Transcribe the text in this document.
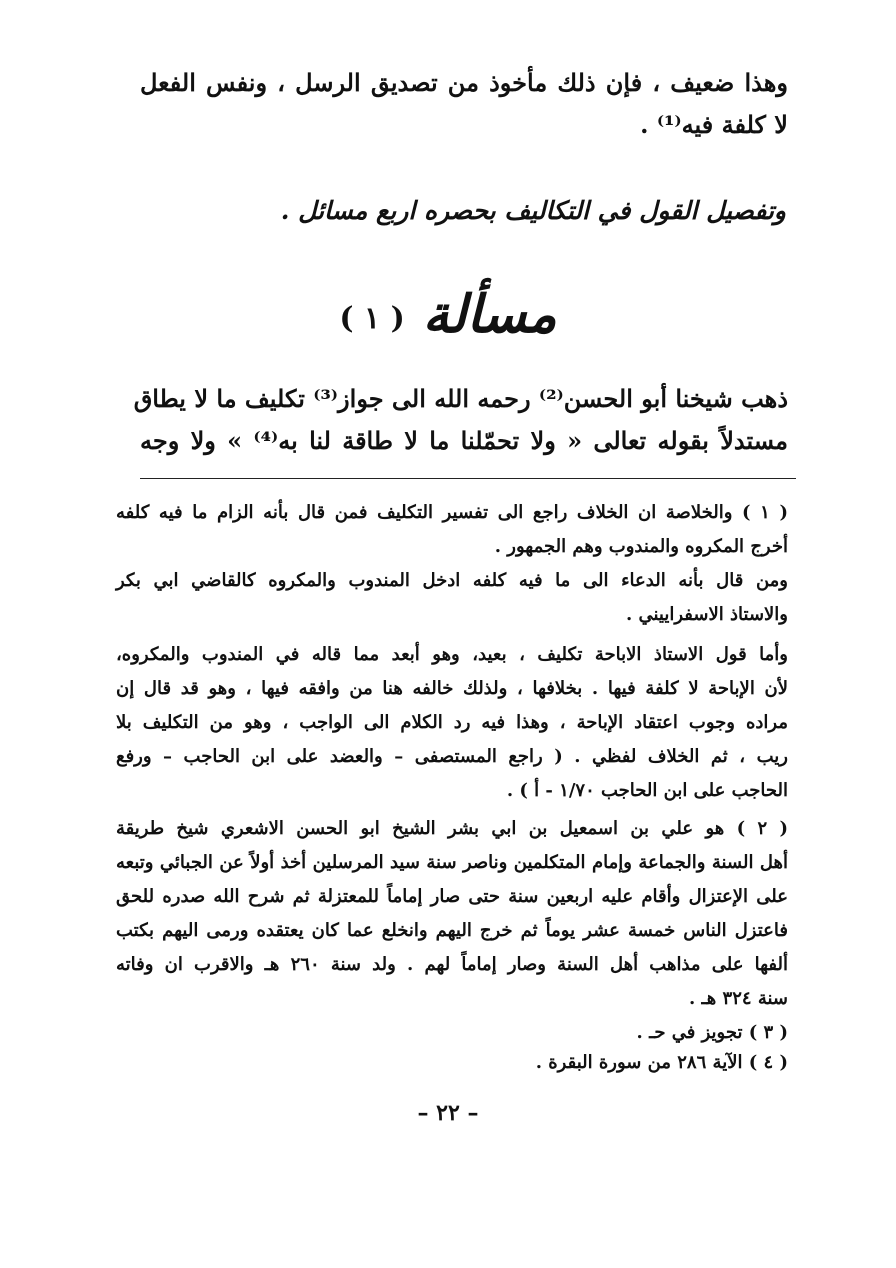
وهذا ضعيف ، فإن ذلك مأخوذ من تصديق الرسل ، ونفس الفعل
لا كلفة فيه⁽¹⁾ .
وتفصيل القول في التكاليف بحصره اربع مسائل .
مسألة( ١ )
ذهب شيخنا أبو الحسن⁽²⁾ رحمه الله الى جواز⁽³⁾ تكليف ما لا يطاق
مستدلاً بقوله تعالى « ولا تحمّلنا ما لا طاقة لنا به⁽⁴⁾ » ولا وجه
( ١ ) والخلاصة ان الخلاف راجع الى تفسير التكليف فمن قال بأنه الزام ما فيه كلفه
أخرج المكروه والمندوب وهم الجمهور .
ومن قال بأنه الدعاء الى ما فيه كلفه ادخل المندوب والمكروه كالقاضي ابي بكر
والاستاذ الاسفراييني .
وأما قول الاستاذ الاباحة تكليف ، بعيد، وهو أبعد مما قاله في المندوب والمكروه،
لأن الإباحة لا كلفة فيها . بخلافها ، ولذلك خالفه هنا من وافقه فيها ، وهو قد قال إن
مراده وجوب اعتقاد الإباحة ، وهذا فيه رد الكلام الى الواجب ، وهو من التكليف بلا
ريب ، ثم الخلاف لفظي . ( راجع المستصفى – والعضد على ابن الحاجب – ورفع
الحاجب على ابن الحاجب ١/٧٠ - أ ) .
( ٢ ) هو علي بن اسمعيل بن ابي بشر الشيخ ابو الحسن الاشعري شيخ طريقة
أهل السنة والجماعة وإمام المتكلمين وناصر سنة سيد المرسلين أخذ أولاً عن الجبائي وتبعه
على الإعتزال وأقام عليه اربعين سنة حتى صار إماماً للمعتزلة ثم شرح الله صدره للحق
فاعتزل الناس خمسة عشر يوماً ثم خرج اليهم وانخلع عما كان يعتقده ورمى اليهم بكتب
ألفها على مذاهب أهل السنة وصار إماماً لهم . ولد سنة ٢٦٠ هـ والاقرب ان وفاته
سنة ٣٢٤ هـ .
( ٣ ) تجويز في حـ .
( ٤ ) الآية ٢٨٦ من سورة البقرة .
– ٢٢ –
